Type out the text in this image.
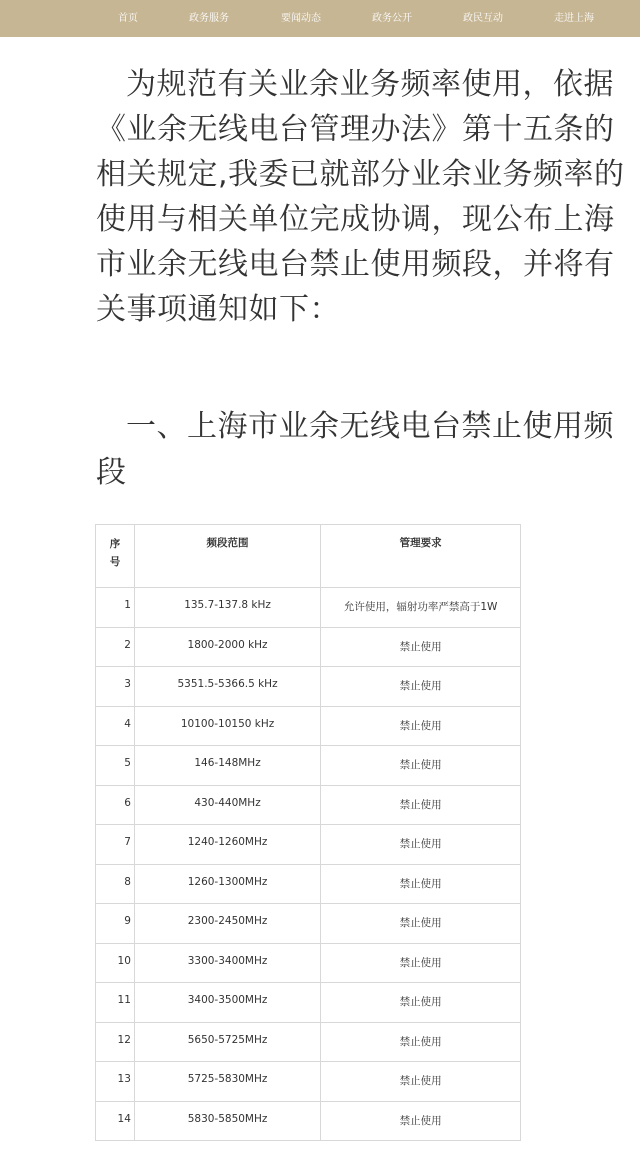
首页	政务服务	要闻动态	政务公开	政民互动	走进上海

为规范有关业余业务频率使用，依据《业余无线电台管理办法》第十五条的相关规定,我委已就部分业余业务频率的使用与相关单位完成协调，现公布上海市业余无线电台禁止使用频段，并将有关事项通知如下：

一、上海市业余无线电台禁止使用频段
序
号	频段范围	管理要求
1	135.7-137.8 kHz	允许使用，辐射功率严禁高于1W
2	1800-2000 kHz	禁止使用
3	5351.5-5366.5 kHz	禁止使用
4	10100-10150 kHz	禁止使用
5	146-148MHz	禁止使用
6	430-440MHz	禁止使用
7	1240-1260MHz	禁止使用
8	1260-1300MHz	禁止使用
9	2300-2450MHz	禁止使用
10	3300-3400MHz	禁止使用
11	3400-3500MHz	禁止使用
12	5650-5725MHz	禁止使用
13	5725-5830MHz	禁止使用
14	5830-5850MHz	禁止使用
